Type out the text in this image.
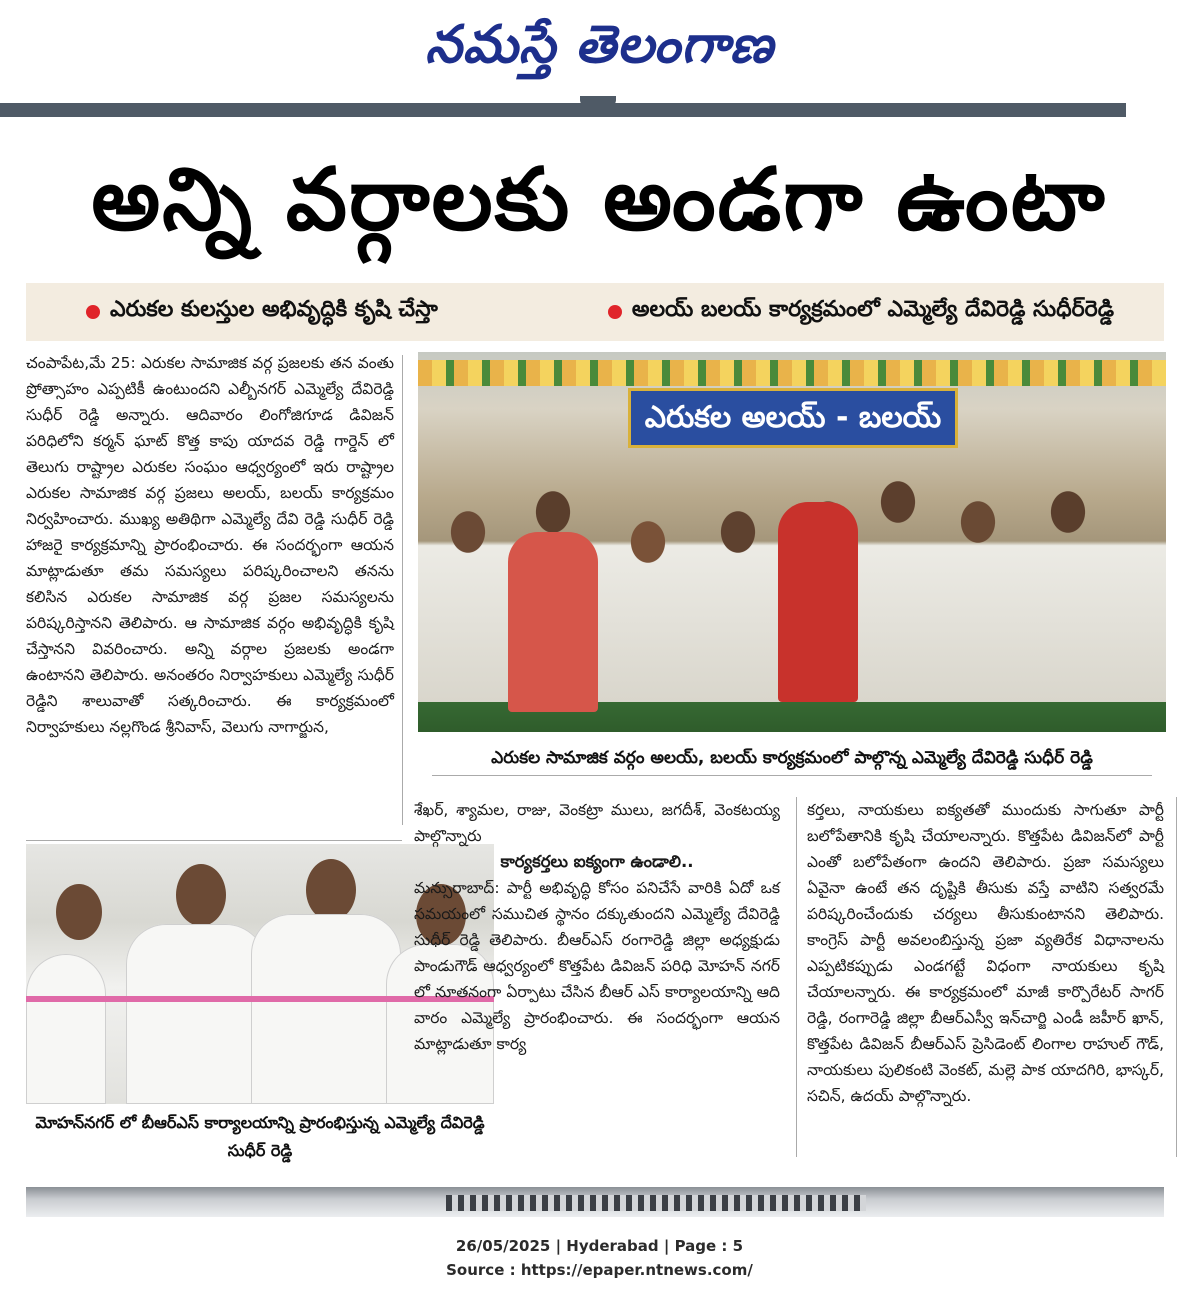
నమస్తే తెలంగాణ
అన్ని వర్గాలకు అండగా ఉంటా
ఎరుకల కులస్తుల అభివృద్ధికి కృషి చేస్తా	అలయ్ బలయ్ కార్యక్రమంలో ఎమ్మెల్యే దేవిరెడ్డి సుధీర్‌రెడ్డి
చంపాపేట,మే 25: ఎరుకల సామాజిక వర్గ ప్రజలకు తన వంతు ప్రోత్సాహం ఎప్పటికీ ఉంటుందని ఎల్బీనగర్ ఎమ్మెల్యే దేవిరెడ్డి సుధీర్ రెడ్డి అన్నారు. ఆదివారం లింగోజిగూడ డివిజన్ పరిధిలోని కర్మన్ ఘాట్ కొత్త కాపు యాదవ రెడ్డి గార్డెన్ లో తెలుగు రాష్ట్రాల ఎరుకల సంఘం ఆధ్వర్యంలో ఇరు రాష్ట్రాల ఎరుకల సామాజిక వర్గ ప్రజలు అలయ్, బలయ్ కార్యక్రమం నిర్వహించారు. ముఖ్య అతిథిగా ఎమ్మెల్యే దేవి రెడ్డి సుధీర్ రెడ్డి హాజరై కార్యక్రమాన్ని ప్రారంభించారు. ఈ సందర్భంగా ఆయన మాట్లాడుతూ తమ సమస్యలు పరిష్కరించాలని తనను కలిసిన ఎరుకల సామాజిక వర్గ ప్రజల సమస్యలను పరిష్కరిస్తానని తెలిపారు. ఆ సామాజిక వర్గం అభివృద్ధికి కృషి చేస్తానని వివరించారు. అన్ని వర్గాల ప్రజలకు అండగా ఉంటానని తెలిపారు. అనంతరం నిర్వాహకులు ఎమ్మెల్యే సుధీర్ రెడ్డిని శాలువాతో సత్కరించారు. ఈ కార్యక్రమంలో నిర్వాహకులు నల్లగొండ శ్రీనివాస్, వెలుగు నాగార్జున,
ఎరుకల అలయ్ - బలయ్
ఎరుకల సామాజిక వర్గం అలయ్, బలయ్ కార్యక్రమంలో పాల్గొన్న ఎమ్మెల్యే దేవిరెడ్డి సుధీర్ రెడ్డి
మోహన్‌నగర్ లో బీఆర్ఎస్ కార్యాలయాన్ని ప్రారంభిస్తున్న ఎమ్మెల్యే దేవిరెడ్డి సుధీర్ రెడ్డి

శేఖర్, శ్యామల, రాజు, వెంకట్రా ములు, జగదీశ్, వెంకటయ్య పాల్గొన్నారు

కార్యకర్తలు ఐక్యంగా ఉండాలి..

మన్సురాబాద్: పార్టీ అభివృద్ధి కోసం పనిచేసే వారికి ఏదో ఒక సమయంలో సముచిత స్థానం దక్కుతుందని ఎమ్మెల్యే దేవిరెడ్డి సుధీర్ రెడ్డి తెలిపారు. బీఆర్ఎస్ రంగారెడ్డి జిల్లా అధ్యక్షుడు పాండుగౌడ్ ఆధ్వర్యంలో కొత్తపేట డివిజన్ పరిధి మోహన్ నగర్ లో నూతనంగా ఏర్పాటు చేసిన బీఆర్ ఎస్ కార్యాలయాన్ని ఆది వారం ఎమ్మెల్యే ప్రారంభించారు. ఈ సందర్భంగా ఆయన మాట్లాడుతూ కార్య

కర్తలు, నాయకులు ఐక్యతతో ముందుకు సాగుతూ పార్టీ బలోపేతానికి కృషి చేయాలన్నారు. కొత్తపేట డివిజన్‌లో పార్టీ ఎంతో బలోపేతంగా ఉందని తెలిపారు. ప్రజా సమస్యలు ఏవైనా ఉంటే తన దృష్టికి తీసుకు వస్తే వాటిని సత్వరమే పరిష్కరించేందుకు చర్యలు తీసుకుంటానని తెలిపారు. కాంగ్రెస్ పార్టీ అవలంబిస్తున్న ప్రజా వ్యతిరేక విధానాలను ఎప్పటికప్పుడు ఎండగట్టే విధంగా నాయకులు కృషి చేయాలన్నారు. ఈ కార్యక్రమంలో మాజీ కార్పొరేటర్ సాగర్ రెడ్డి, రంగారెడ్డి జిల్లా బీఆర్ఎస్వీ ఇన్‌చార్జి ఎండీ జహీర్ ఖాన్, కొత్తపేట డివిజన్ బీఆర్ఎస్ ప్రెసిడెంట్ లింగాల రాహుల్ గౌడ్, నాయకులు పులికంటి వెంకట్, మల్లె పాక యాదగిరి, భాస్కర్, సచిన్, ఉదయ్ పాల్గొన్నారు.
26/05/2025 | Hyderabad | Page : 5
Source : https://epaper.ntnews.com/
